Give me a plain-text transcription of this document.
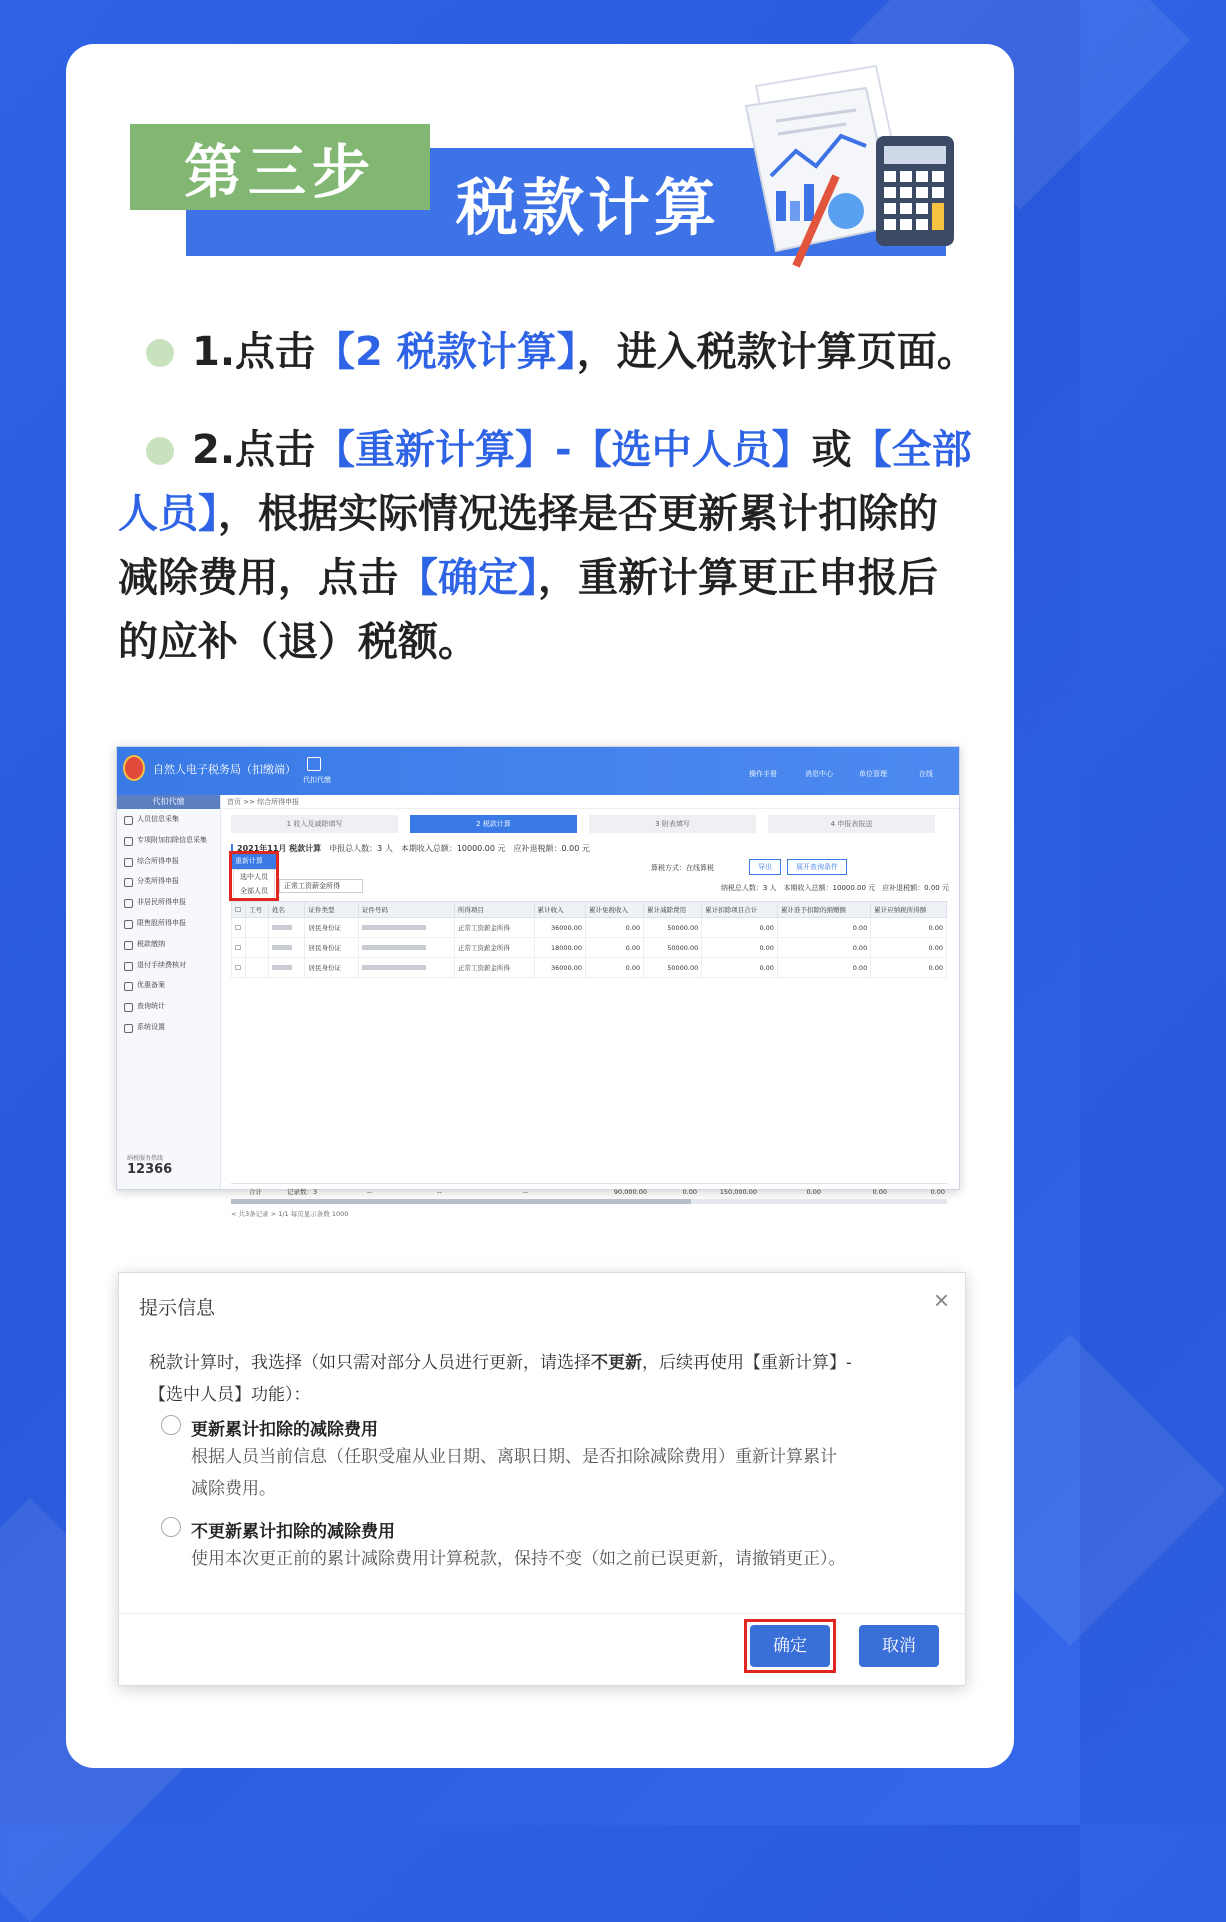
第三步	税款计算
1.点击【2 税款计算】，进入税款计算页面。
2.点击【重新计算】-【选中人员】或【全部
人员】，根据实际情况选择是否更新累计扣除的
减除费用，点击【确定】，重新计算更正申报后
的应补（退）税额。
自然人电子税务局（扣缴端）
代扣代缴
操作手册	消息中心	单位管理	在线
代扣代缴
人员信息采集
专项附加扣除信息采集
综合所得申报
分类所得申报
非居民所得申报
限售股所得申报
税款缴纳
退付手续费核对
优惠备案
查询统计
系统设置
纳税服务热线
12366
首页 >> 综合所得申报
1 收入及减除填写	2 税款计算	3 附表填写	4 申报表报送
2021年11月 税款计算　 申报总人数：3 人　本期收入总额：10000.00 元　应补退税额：0.00 元
算税方式：在线算税	导出	展开查询条件
重新计算
选中人员
全部人员
正常工资薪金所得	纳税总人数：3 人　本期收入总额：10000.00 元　应补退税额：0.00 元
☐	工号	姓名	证件类型	证件号码	所得项目	累计收入	累计免税收入	累计减除费用	累计扣除项目合计	累计准予扣除的捐赠额	累计应纳税所得额
☐			居民身份证		正常工资薪金所得	36000.00	0.00	50000.00	0.00	0.00	0.00
☐			居民身份证		正常工资薪金所得	18000.00	0.00	50000.00	0.00	0.00	0.00
☐			居民身份证		正常工资薪金所得	36000.00	0.00	50000.00	0.00	0.00	0.00
合计	记录数：3	--	--	--	90,000.00	0.00	150,000.00	0.00	0.00	0.00
< 共3条记录 > 1/1 每页显示条数 1000
提示信息	×
税款计算时，我选择（如只需对部分人员进行更新，请选择不更新，后续再使用【重新计算】-
【选中人员】功能）：
更新累计扣除的减除费用
根据人员当前信息（任职受雇从业日期、离职日期、是否扣除减除费用）重新计算累计
减除费用。
不更新累计扣除的减除费用
使用本次更正前的累计减除费用计算税款，保持不变（如之前已误更新，请撤销更正）。
确定	取消
